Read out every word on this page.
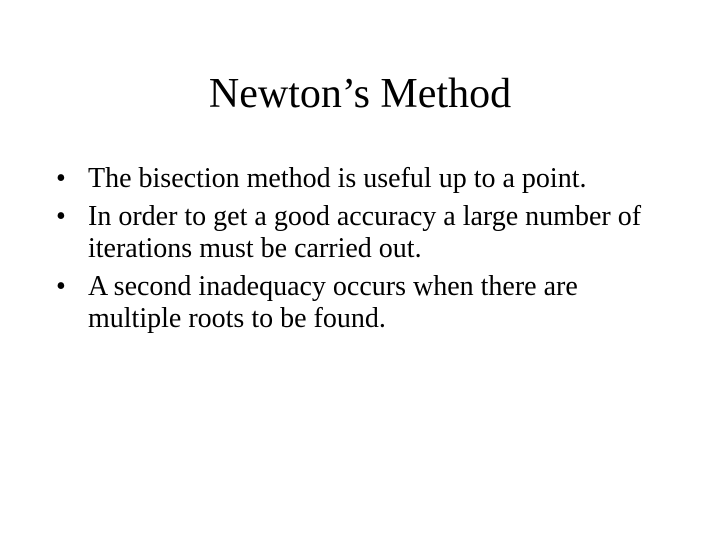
Newton’s Method
• The bisection method is useful up to a point.
• In order to get a good accuracy a large number of iterations must be carried out.
• A second inadequacy occurs when there are multiple roots to be found.
